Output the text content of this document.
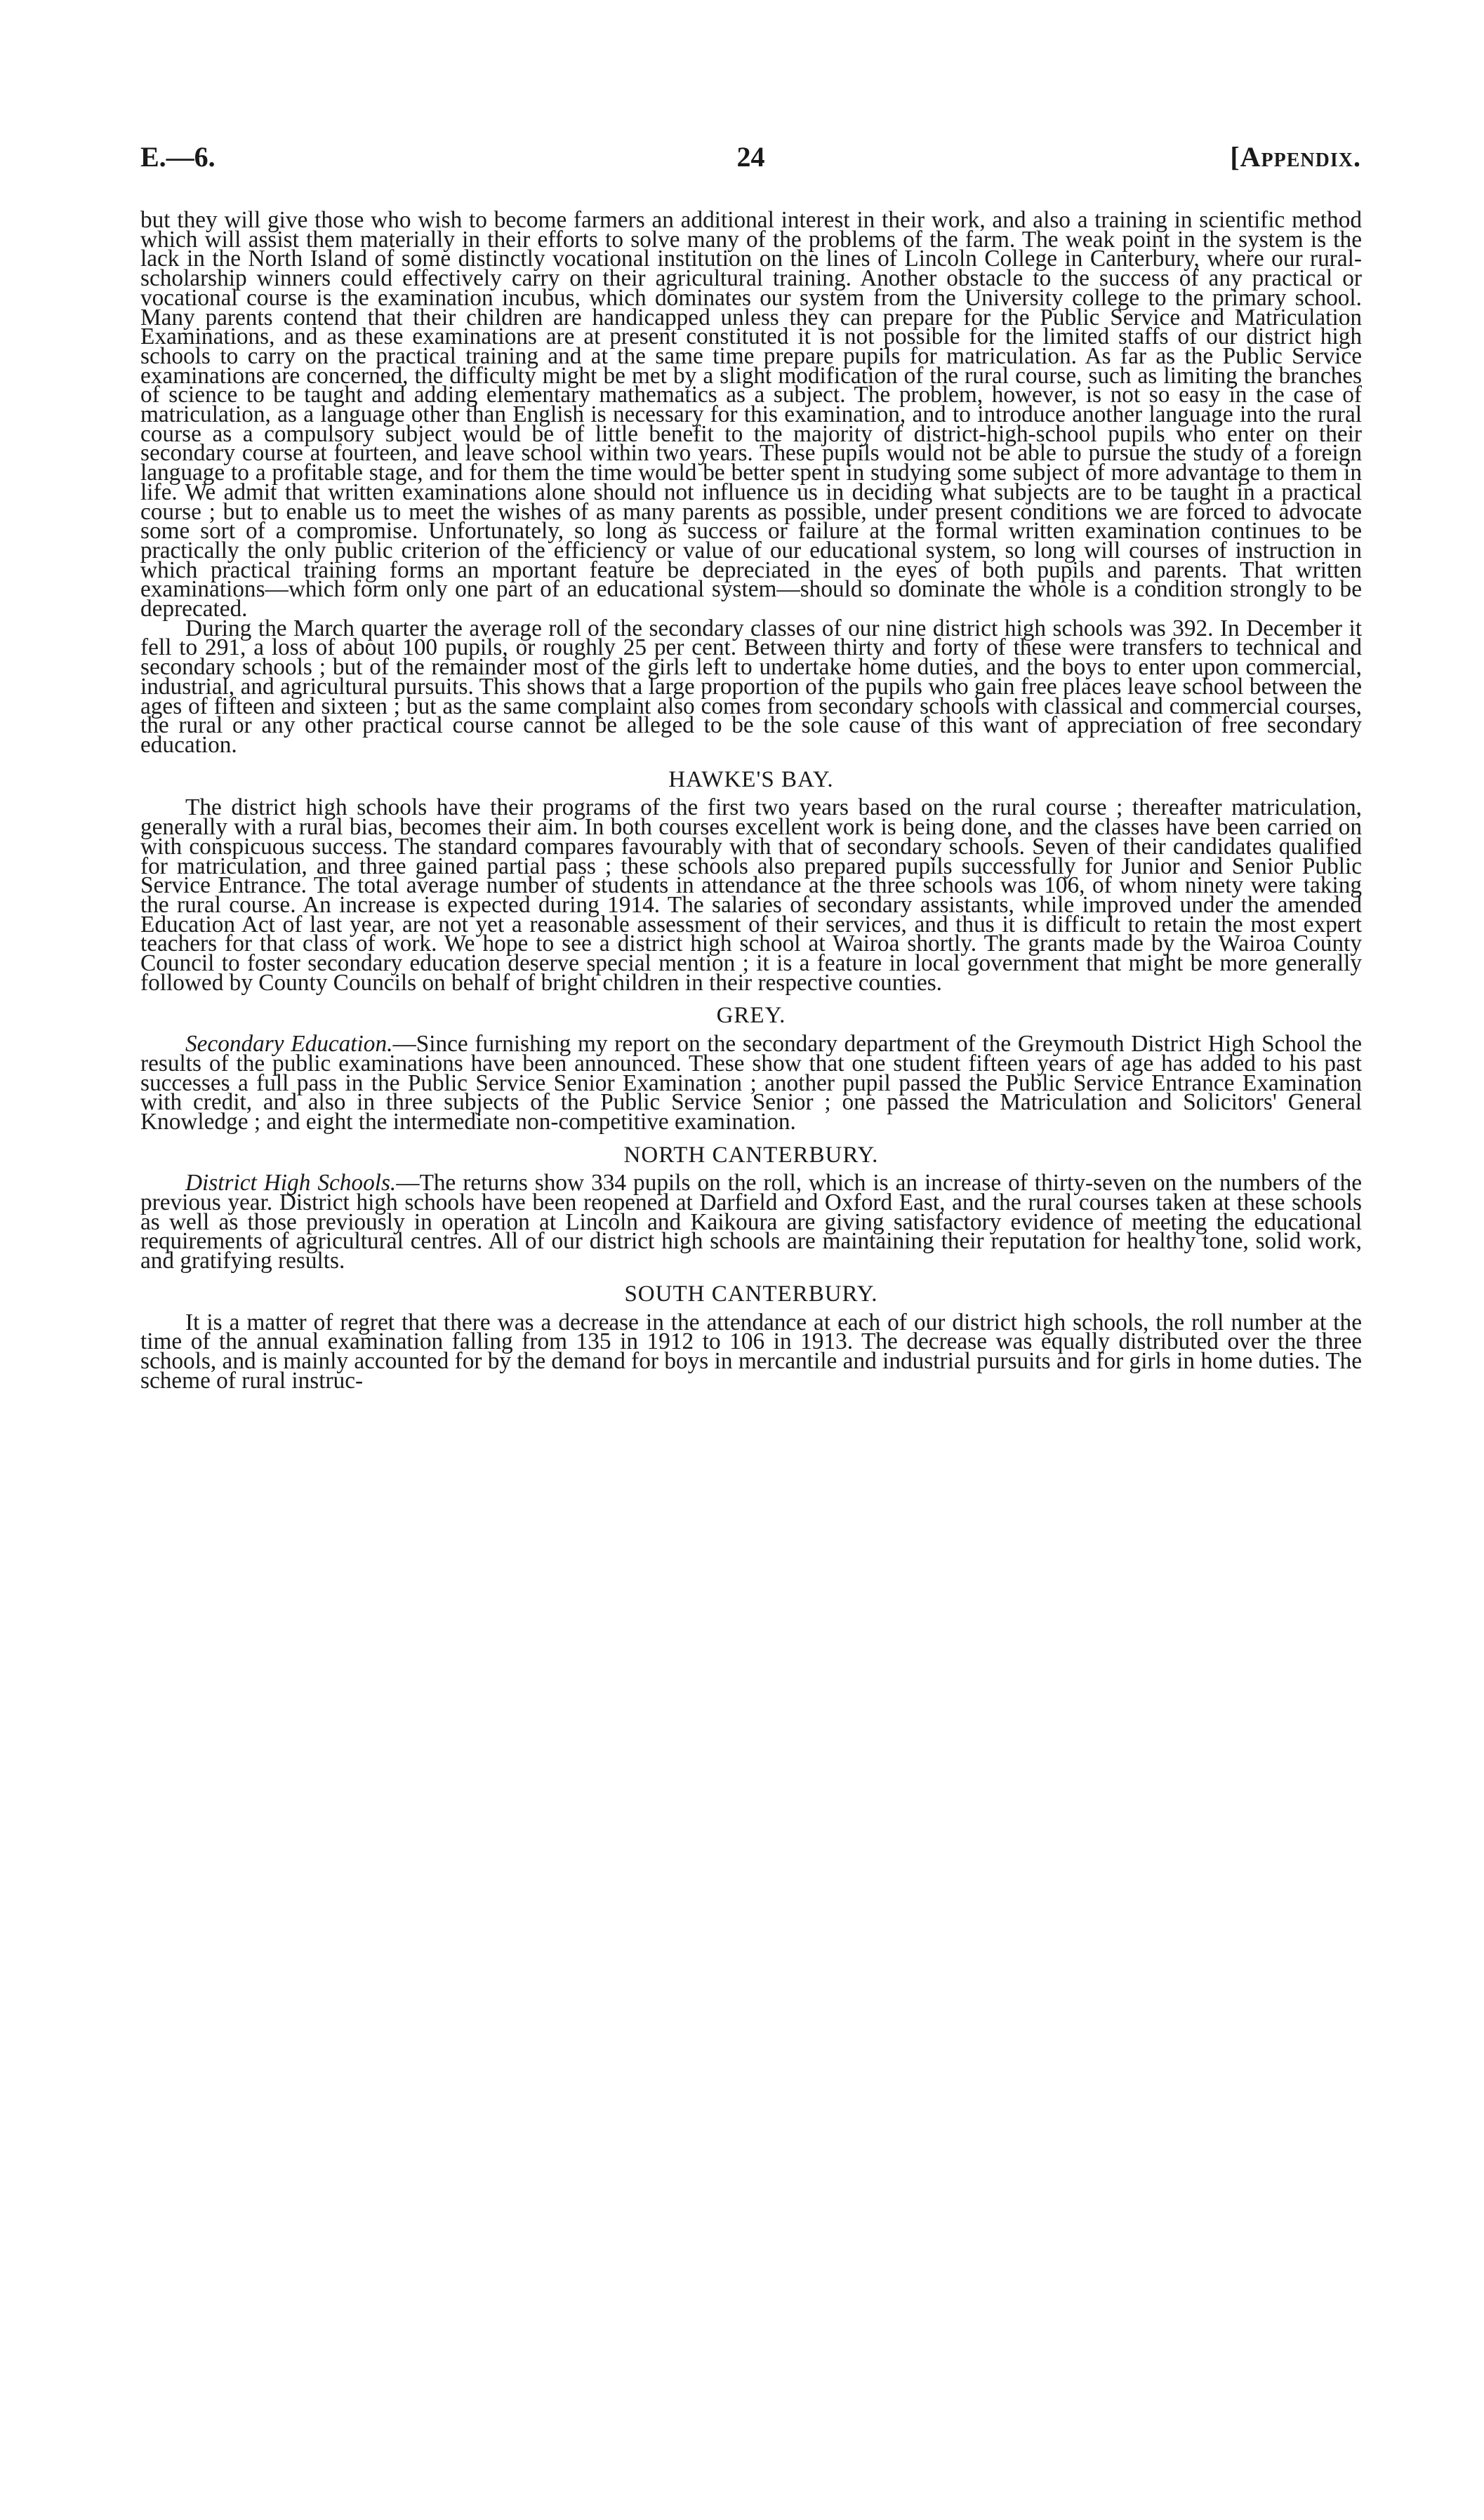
E.—6.	24	[Appendix.

but they will give those who wish to become farmers an additional interest in their work, and also a training in scientific method which will assist them materially in their efforts to solve many of the problems of the farm. The weak point in the system is the lack in the North Island of some distinctly vocational institution on the lines of Lincoln College in Canterbury, where our rural-scholarship winners could effectively carry on their agricultural training. Another obstacle to the success of any practical or vocational course is the examination incubus, which dominates our system from the University college to the primary school. Many parents contend that their children are handicapped unless they can prepare for the Public Service and Matriculation Examinations, and as these examinations are at present constituted it is not possible for the limited staffs of our district high schools to carry on the practical training and at the same time prepare pupils for matriculation. As far as the Public Service examinations are concerned, the difficulty might be met by a slight modification of the rural course, such as limiting the branches of science to be taught and adding elementary mathematics as a subject. The problem, however, is not so easy in the case of matriculation, as a language other than English is necessary for this examination, and to introduce another language into the rural course as a compulsory subject would be of little benefit to the majority of district-high-school pupils who enter on their secondary course at fourteen, and leave school within two years. These pupils would not be able to pursue the study of a foreign language to a profitable stage, and for them the time would be better spent in studying some subject of more advantage to them in life. We admit that written examinations alone should not influence us in deciding what subjects are to be taught in a practical course ; but to enable us to meet the wishes of as many parents as possible, under present conditions we are forced to advocate some sort of a compromise. Unfortunately, so long as success or failure at the formal written examination continues to be practically the only public criterion of the efficiency or value of our educational system, so long will courses of instruction in which practical training forms an mportant feature be depreciated in the eyes of both pupils and parents. That written examinations—which form only one part of an educational system—should so dominate the whole is a condition strongly to be deprecated.

During the March quarter the average roll of the secondary classes of our nine district high schools was 392. In December it fell to 291, a loss of about 100 pupils, or roughly 25 per cent. Between thirty and forty of these were transfers to technical and secondary schools ; but of the remainder most of the girls left to undertake home duties, and the boys to enter upon commercial, industrial, and agricultural pursuits. This shows that a large proportion of the pupils who gain free places leave school between the ages of fifteen and sixteen ; but as the same complaint also comes from secondary schools with classical and commercial courses, the rural or any other practical course cannot be alleged to be the sole cause of this want of appreciation of free secondary education.

HAWKE'S BAY.

The district high schools have their programs of the first two years based on the rural course ; thereafter matriculation, generally with a rural bias, becomes their aim. In both courses excellent work is being done, and the classes have been carried on with conspicuous success. The standard compares favourably with that of secondary schools. Seven of their candidates qualified for matriculation, and three gained partial pass ; these schools also prepared pupils successfully for Junior and Senior Public Service Entrance. The total average number of students in attendance at the three schools was 106, of whom ninety were taking the rural course. An increase is expected during 1914. The salaries of secondary assistants, while improved under the amended Education Act of last year, are not yet a reasonable assessment of their services, and thus it is difficult to retain the most expert teachers for that class of work. We hope to see a district high school at Wairoa shortly. The grants made by the Wairoa County Council to foster secondary education deserve special mention ; it is a feature in local government that might be more generally followed by County Councils on behalf of bright children in their respective counties.

GREY.

Secondary Education.—Since furnishing my report on the secondary department of the Greymouth District High School the results of the public examinations have been announced. These show that one student fifteen years of age has added to his past successes a full pass in the Public Service Senior Examination ; another pupil passed the Public Service Entrance Examination with credit, and also in three subjects of the Public Service Senior ; one passed the Matriculation and Solicitors' General Knowledge ; and eight the intermediate non-competitive examination.

NORTH CANTERBURY.

District High Schools.—The returns show 334 pupils on the roll, which is an increase of thirty-seven on the numbers of the previous year. District high schools have been reopened at Darfield and Oxford East, and the rural courses taken at these schools as well as those previously in operation at Lincoln and Kaikoura are giving satisfactory evidence of meeting the educational requirements of agricultural centres. All of our district high schools are maintaining their reputation for healthy tone, solid work, and gratifying results.

SOUTH CANTERBURY.

It is a matter of regret that there was a decrease in the attendance at each of our district high schools, the roll number at the time of the annual examination falling from 135 in 1912 to 106 in 1913. The decrease was equally distributed over the three schools, and is mainly accounted for by the demand for boys in mercantile and industrial pursuits and for girls in home duties. The scheme of rural instruc-
